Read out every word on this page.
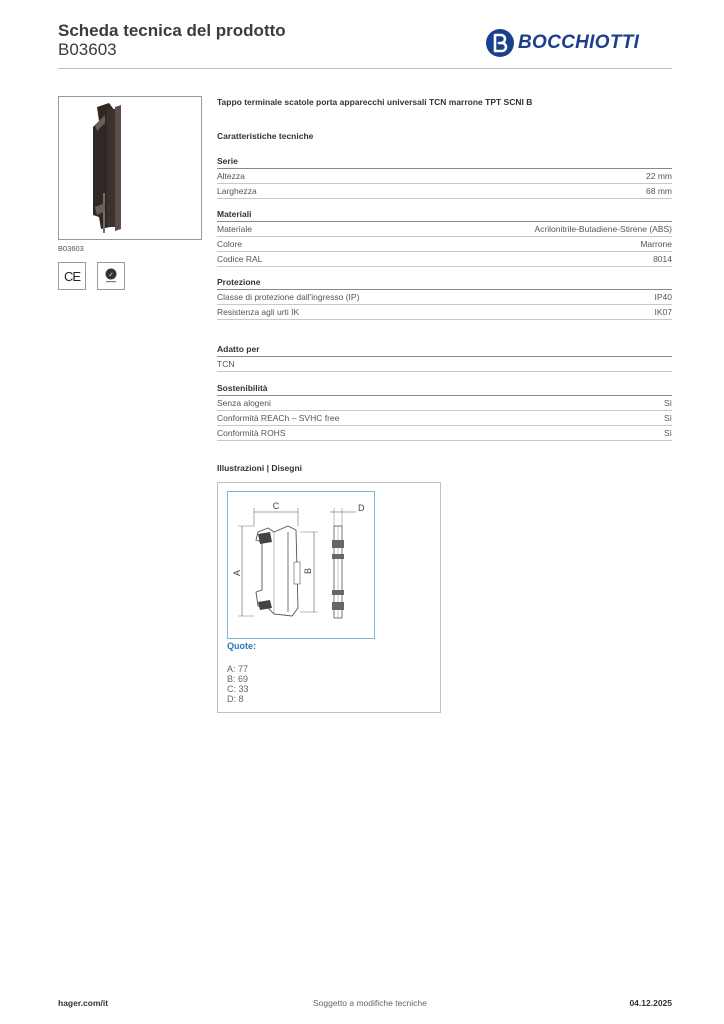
Scheda tecnica del prodotto
B03603	BOCCHIOTTI
B03603
CE	✓
Tappo terminale scatole porta apparecchi universali TCN marrone TPT SCNI B
Caratteristiche tecniche
Serie
Altezza	22 mm
Larghezza	68 mm
Materiali
Materiale	Acrilonitrile-Butadiene-Stirene (ABS)
Colore	Marrone
Codice RAL	8014
Protezione
Classe di protezione dall'ingresso (IP)	IP40
Resistenza agli urti IK	IK07
Adatto per
TCN
Sostenibilità
Senza alogeni	Sì
Conformità REACh – SVHC free	Sì
Conformità ROHS	Sì
Illustrazioni | Disegni
C
A	B
D
Quote:
A: 77
B: 69
C: 33
D: 8
hager.com/it	Soggetto a modifiche tecniche	04.12.2025
